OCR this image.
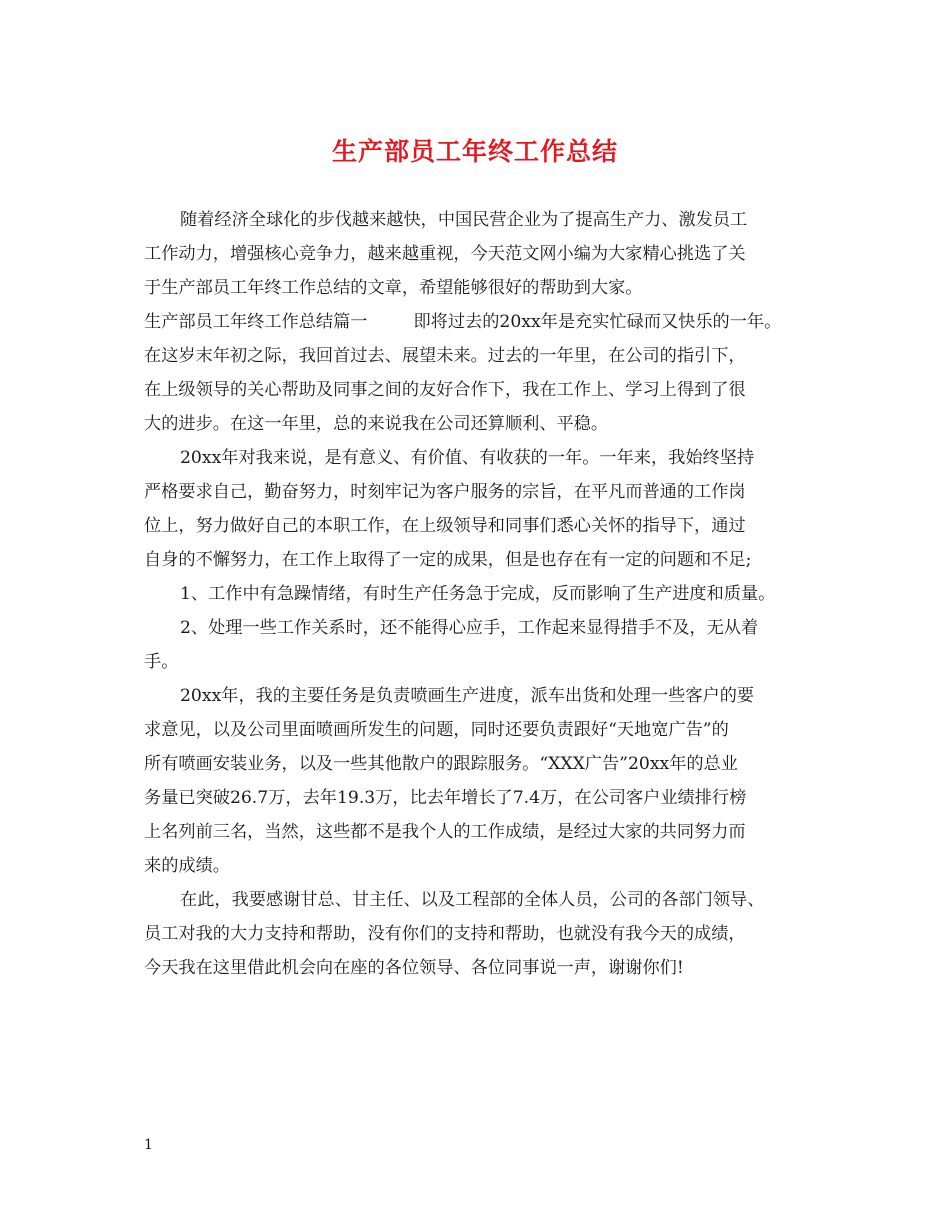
生产部员工年终工作总结
随着经济全球化的步伐越来越快，中国民营企业为了提高生产力、激发员工
工作动力，增强核心竞争力，越来越重视，今天范文网小编为大家精心挑选了关
于生产部员工年终工作总结的文章，希望能够很好的帮助到大家。
生产部员工年终工作总结篇一	即将过去的20xx年是充实忙碌而又快乐的一年。
在这岁末年初之际，我回首过去、展望未来。过去的一年里，在公司的指引下，
在上级领导的关心帮助及同事之间的友好合作下，我在工作上、学习上得到了很
大的进步。在这一年里，总的来说我在公司还算顺利、平稳。
20xx年对我来说，是有意义、有价值、有收获的一年。一年来，我始终坚持
严格要求自己，勤奋努力，时刻牢记为客户服务的宗旨，在平凡而普通的工作岗
位上，努力做好自己的本职工作，在上级领导和同事们悉心关怀的指导下，通过
自身的不懈努力，在工作上取得了一定的成果，但是也存在有一定的问题和不足;
1、工作中有急躁情绪，有时生产任务急于完成，反而影响了生产进度和质量。
2、处理一些工作关系时，还不能得心应手，工作起来显得措手不及，无从着
手。
20xx年，我的主要任务是负责喷画生产进度，派车出货和处理一些客户的要
求意见，以及公司里面喷画所发生的问题，同时还要负责跟好“天地宽广告”的
所有喷画安装业务，以及一些其他散户的跟踪服务。“XXX广告”20xx年的总业
务量已突破26.7万，去年19.3万，比去年增长了7.4万，在公司客户业绩排行榜
上名列前三名，当然，这些都不是我个人的工作成绩，是经过大家的共同努力而
来的成绩。
在此，我要感谢甘总、甘主任、以及工程部的全体人员，公司的各部门领导、
员工对我的大力支持和帮助，没有你们的支持和帮助，也就没有我今天的成绩，
今天我在这里借此机会向在座的各位领导、各位同事说一声，谢谢你们!
1
